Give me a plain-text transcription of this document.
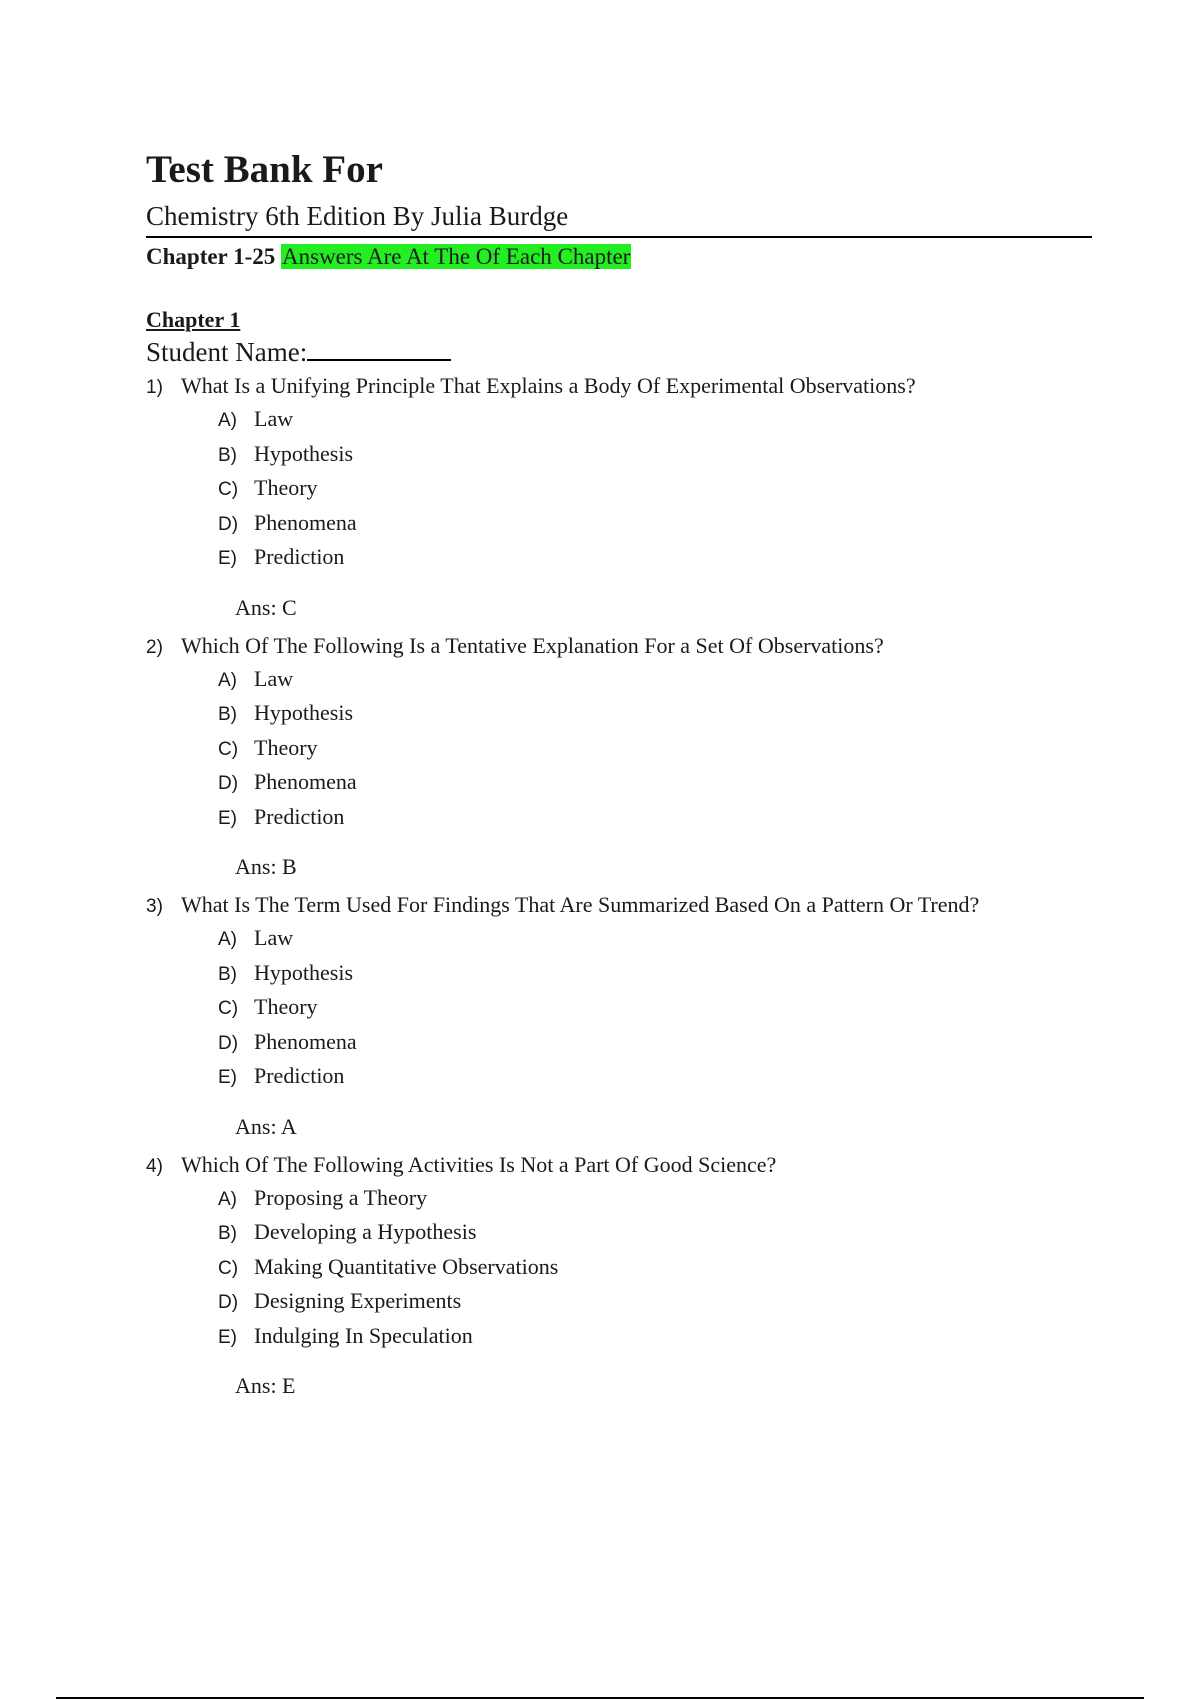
Test Bank For
Chemistry 6th Edition By Julia Burdge
Chapter 1-25 Answers Are At The Of Each Chapter
Chapter 1
Student Name:
1) What Is a Unifying Principle That Explains a Body Of Experimental Observations?
A) Law
B) Hypothesis
C) Theory
D) Phenomena
E) Prediction
Ans: C
2) Which Of The Following Is a Tentative Explanation For a Set Of Observations?
A) Law
B) Hypothesis
C) Theory
D) Phenomena
E) Prediction
Ans: B
3) What Is The Term Used For Findings That Are Summarized Based On a Pattern Or Trend?
A) Law
B) Hypothesis
C) Theory
D) Phenomena
E) Prediction
Ans: A
4) Which Of The Following Activities Is Not a Part Of Good Science?
A) Proposing a Theory
B) Developing a Hypothesis
C) Making Quantitative Observations
D) Designing Experiments
E) Indulging In Speculation
Ans: E
